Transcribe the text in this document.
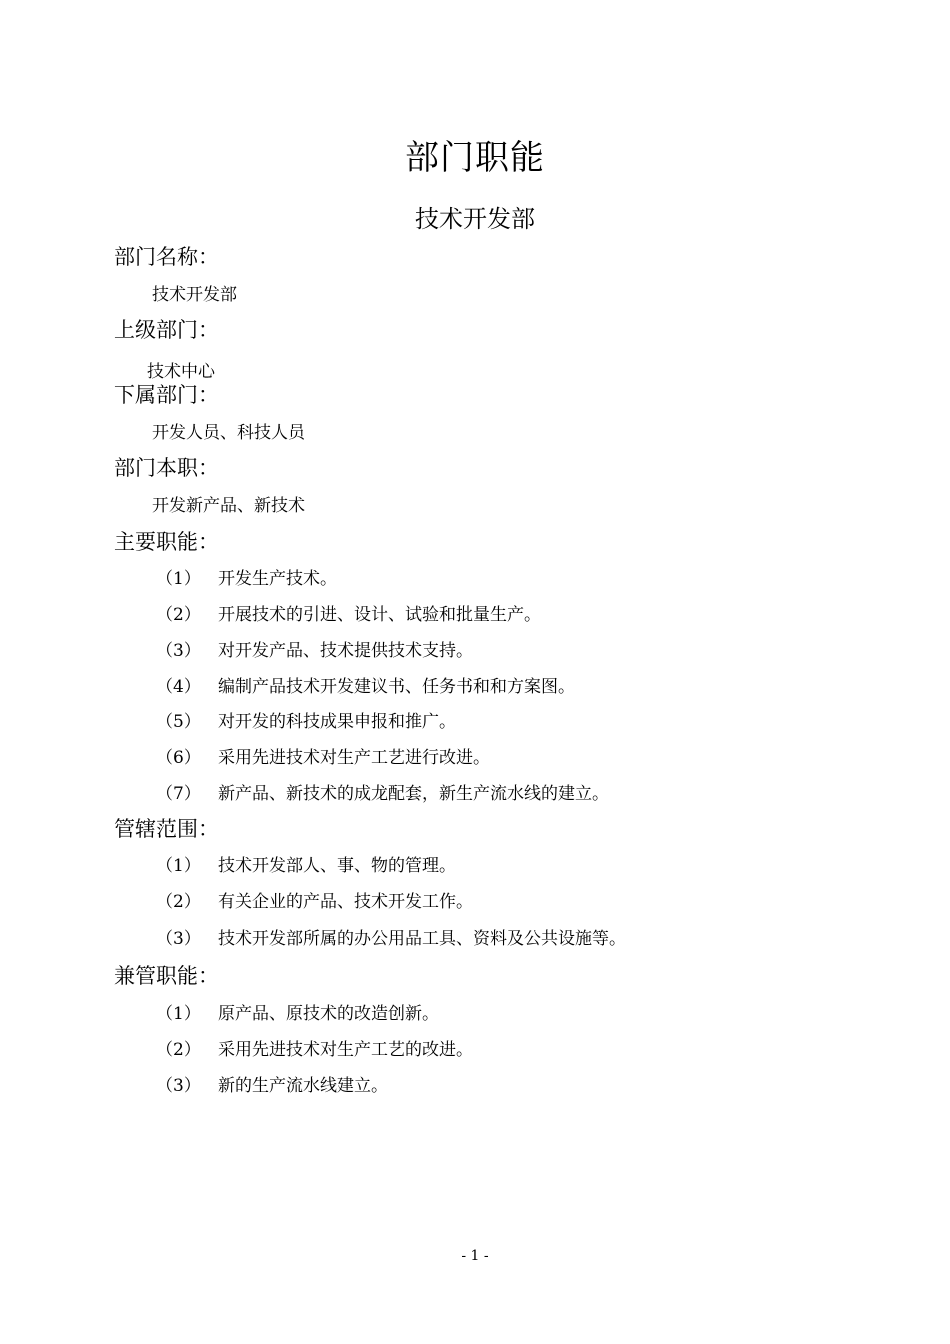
部门职能
技术开发部
部门名称：
技术开发部
上级部门：
技术中心
下属部门：
开发人员、科技人员
部门本职：
开发新产品、新技术
主要职能：
（1）	开发生产技术。
（2）	开展技术的引进、设计、试验和批量生产。
（3）	对开发产品、技术提供技术支持。
（4）	编制产品技术开发建议书、任务书和和方案图。
（5）	对开发的科技成果申报和推广。
（6）	采用先进技术对生产工艺进行改进。
（7）	新产品、新技术的成龙配套，新生产流水线的建立。
管辖范围：
（1）	技术开发部人、事、物的管理。
（2）	有关企业的产品、技术开发工作。
（3）	技术开发部所属的办公用品工具、资料及公共设施等。
兼管职能：
（1）	原产品、原技术的改造创新。
（2）	采用先进技术对生产工艺的改进。
（3）	新的生产流水线建立。
- 1 -
